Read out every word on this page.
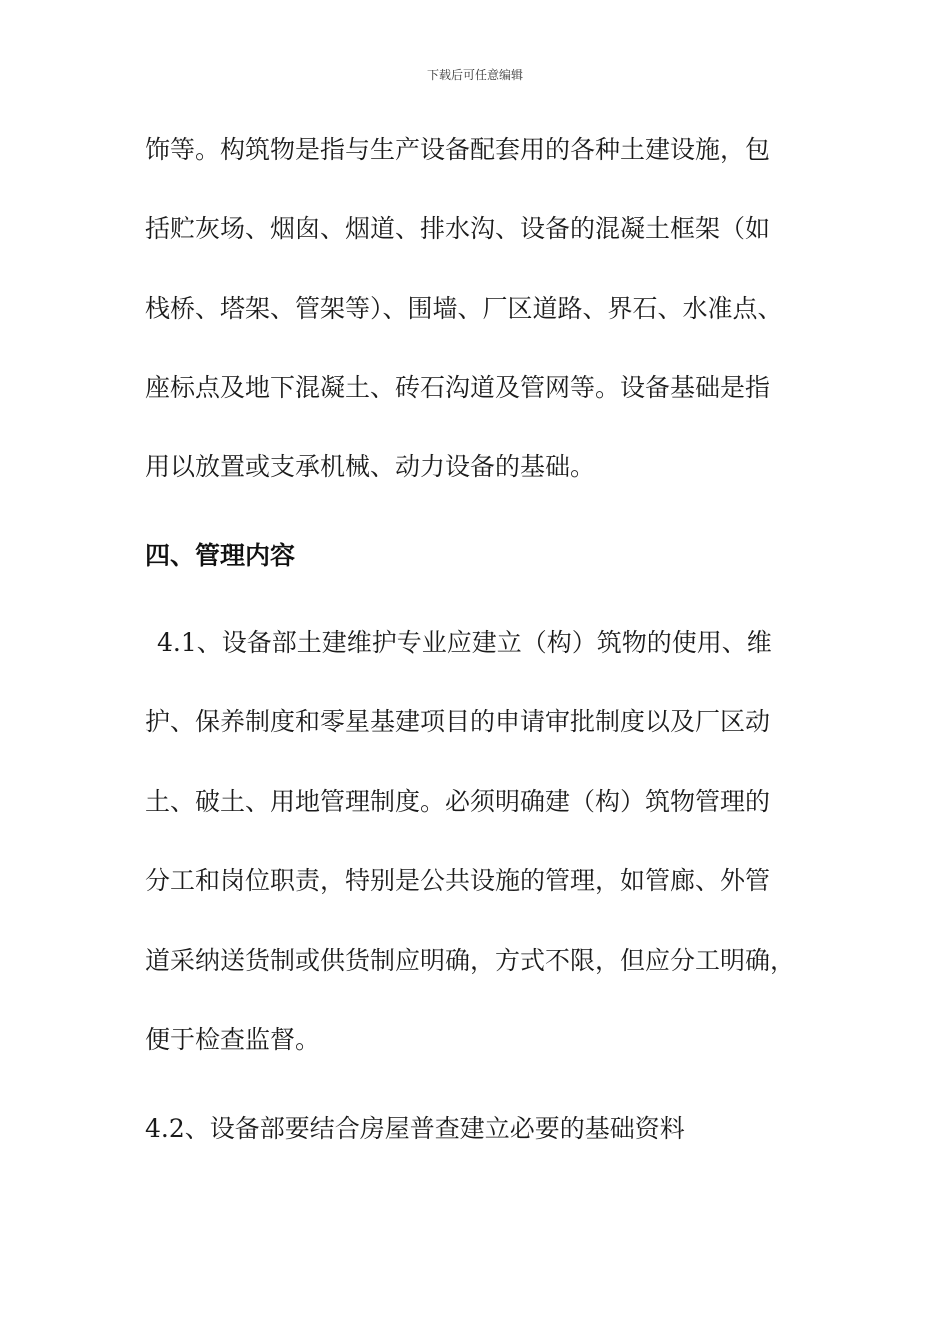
下载后可任意编辑
饰等。构筑物是指与生产设备配套用的各种土建设施，包
括贮灰场、烟囱、烟道、排水沟、设备的混凝土框架（如
栈桥、塔架、管架等）、围墙、厂区道路、界石、水准点、
座标点及地下混凝土、砖石沟道及管网等。设备基础是指
用以放置或支承机械、动力设备的基础。
四、管理内容
4.1、设备部土建维护专业应建立（构）筑物的使用、维
护、保养制度和零星基建项目的申请审批制度以及厂区动
土、破土、用地管理制度。必须明确建（构）筑物管理的
分工和岗位职责，特别是公共设施的管理，如管廊、外管
道采纳送货制或供货制应明确，方式不限，但应分工明确，
便于检查监督。
4.2、设备部要结合房屋普查建立必要的基础资料
